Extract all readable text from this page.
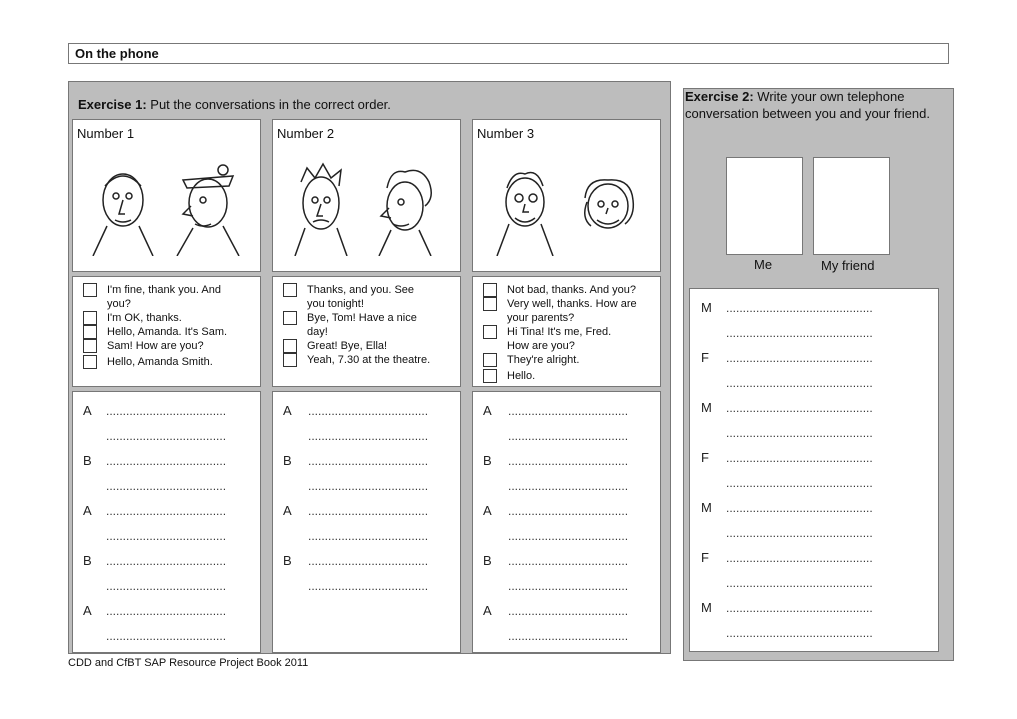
On the phone
Exercise 1: Put the conversations in the correct order.
Exercise 2: Write your own telephone conversation between you and your friend.
Number 1
I'm fine, thank you. And
you?
I'm OK, thanks.
Hello, Amanda. It's Sam.
Sam! How are you?
Hello, Amanda Smith.
A ....................................
....................................
B ....................................
....................................
A ....................................
....................................
B ....................................
....................................
A ....................................
....................................
Number 2
Thanks, and you. See
you tonight!
Bye, Tom! Have a nice
day!
Great! Bye, Ella!
Yeah, 7.30 at the theatre.
A ....................................
....................................
B ....................................
....................................
A ....................................
....................................
B ....................................
....................................
Number 3
Not bad, thanks. And you?
Very well, thanks. How are
your parents?
Hi Tina! It's me, Fred.
How are you?
They're alright.
Hello.
A ....................................
....................................
B ....................................
....................................
A ....................................
....................................
B ....................................
....................................
A ....................................
....................................
Me	My friend
M ............................................
............................................
F ............................................
............................................
M ............................................
............................................
F ............................................
............................................
M ............................................
............................................
F ............................................
............................................
M ............................................
............................................
CDD and CfBT SAP Resource Project Book 2011
